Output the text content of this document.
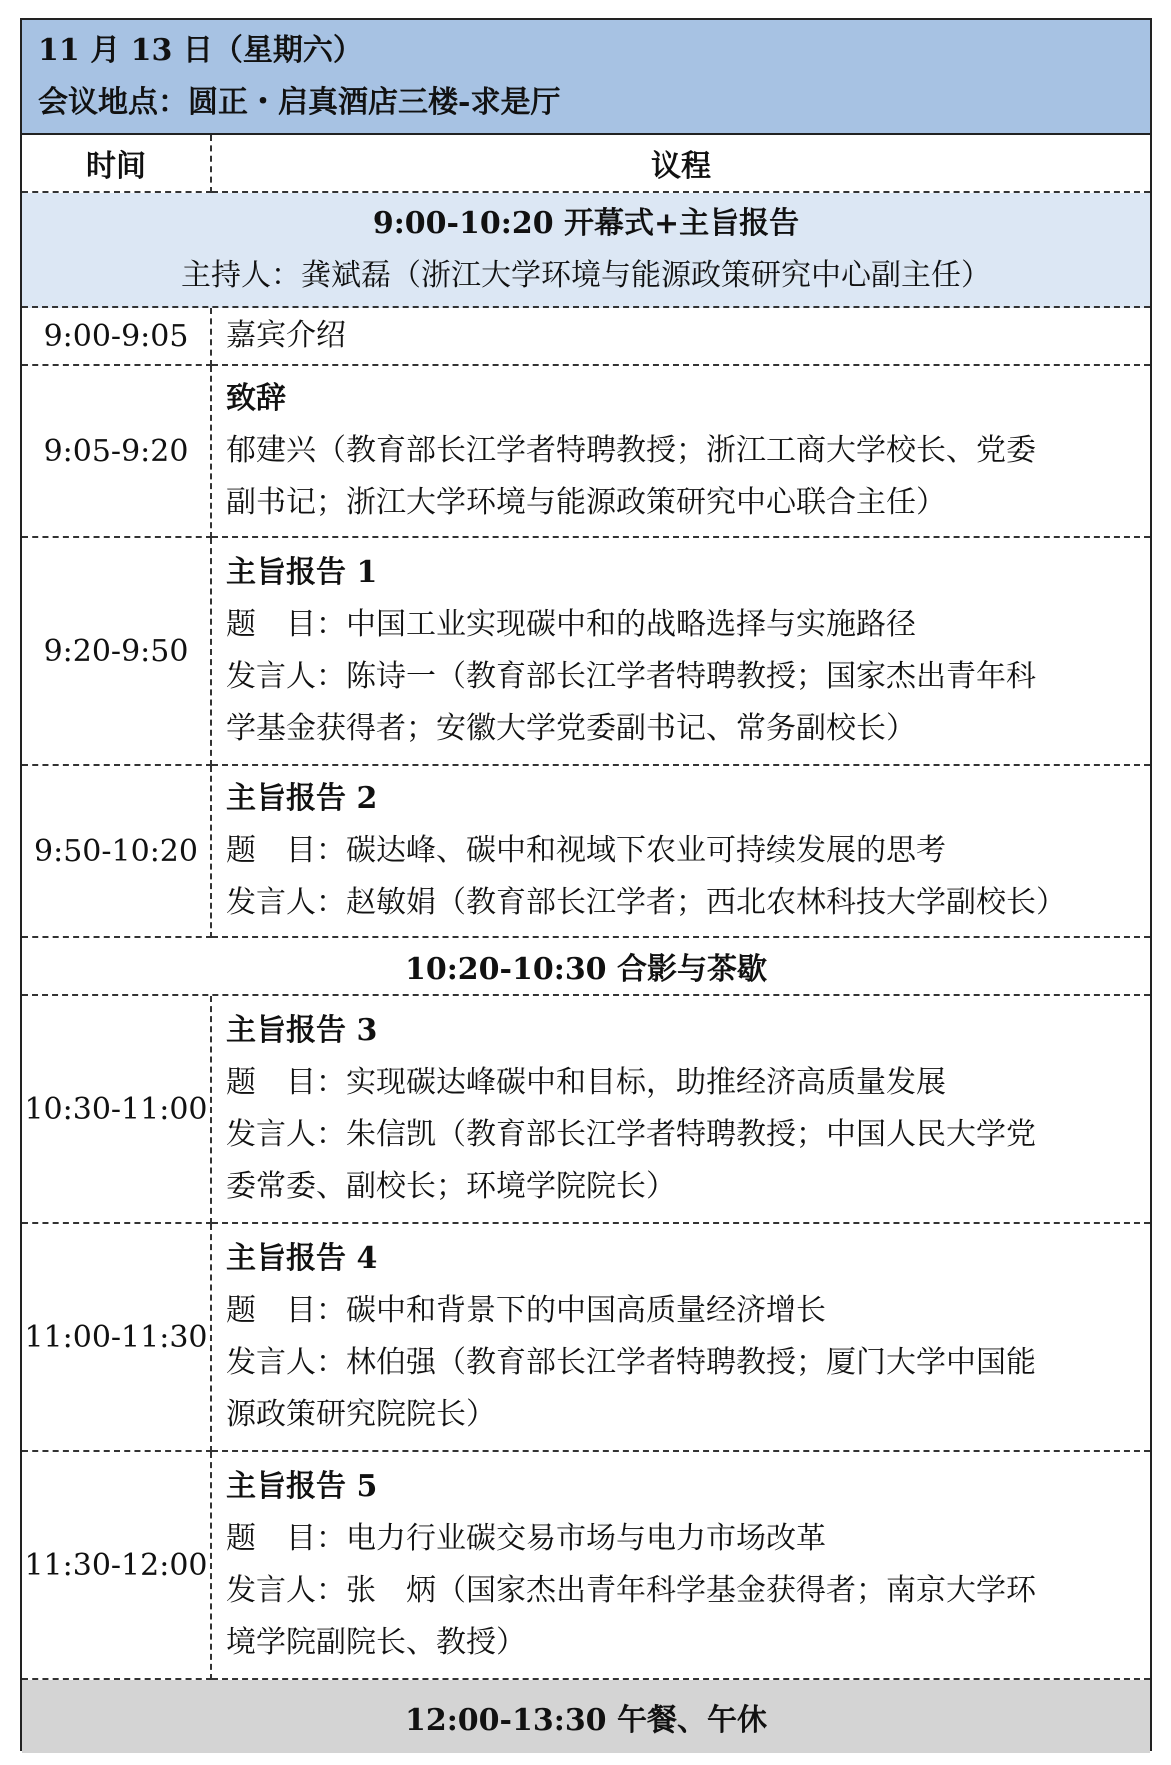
11 月 13 日（星期六）
会议地点：圆正・启真酒店三楼-求是厅
时间	议程
9:00-10:20 开幕式+主旨报告
主持人：龚斌磊（浙江大学环境与能源政策研究中心副主任）
9:00-9:05	嘉宾介绍
9:05-9:20
致辞
郁建兴（教育部长江学者特聘教授；浙江工商大学校长、党委
副书记；浙江大学环境与能源政策研究中心联合主任）
9:20-9:50
主旨报告 1
题　目：中国工业实现碳中和的战略选择与实施路径
发言人：陈诗一（教育部长江学者特聘教授；国家杰出青年科
学基金获得者；安徽大学党委副书记、常务副校长）
9:50-10:20
主旨报告 2
题　目：碳达峰、碳中和视域下农业可持续发展的思考
发言人：赵敏娟（教育部长江学者；西北农林科技大学副校长）
10:20-10:30 合影与茶歇
10:30-11:00
主旨报告 3
题　目：实现碳达峰碳中和目标，助推经济高质量发展
发言人：朱信凯（教育部长江学者特聘教授；中国人民大学党
委常委、副校长；环境学院院长）
11:00-11:30
主旨报告 4
题　目：碳中和背景下的中国高质量经济增长
发言人：林伯强（教育部长江学者特聘教授；厦门大学中国能
源政策研究院院长）
11:30-12:00
主旨报告 5
题　目：电力行业碳交易市场与电力市场改革
发言人：张　炳（国家杰出青年科学基金获得者；南京大学环
境学院副院长、教授）
12:00-13:30 午餐、午休
